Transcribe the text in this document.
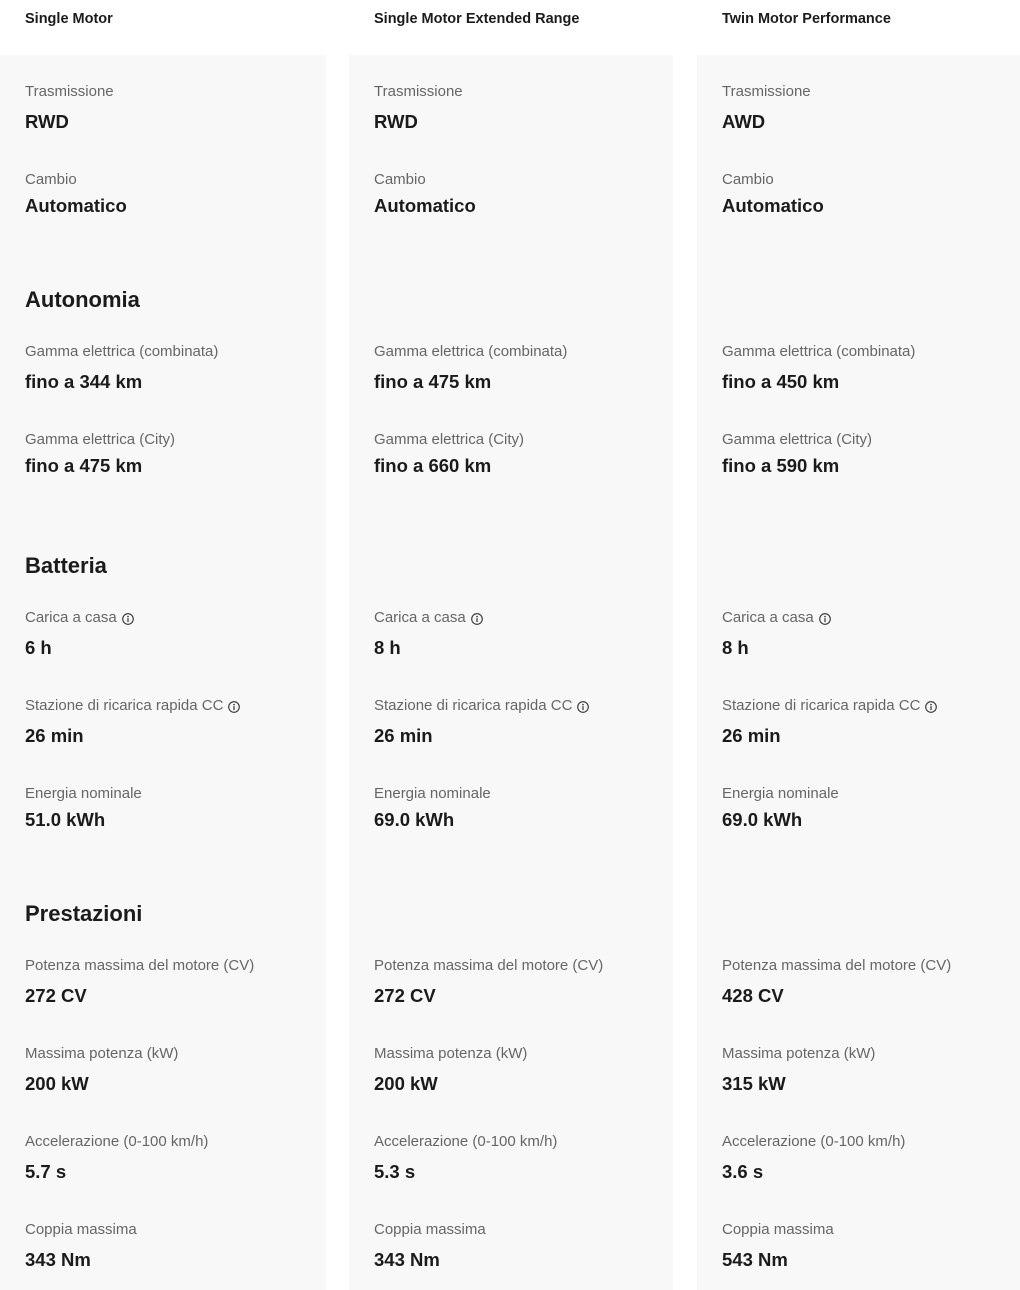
Single Motor	Single Motor Extended Range	Twin Motor Performance
Trasmissione
RWD
Cambio
Automatico
Autonomia
Gamma elettrica (combinata)
fino a 344 km
Gamma elettrica (City)
fino a 475 km
Batteria
Carica a casa
6 h
Stazione di ricarica rapida CC
26 min
Energia nominale
51.0 kWh
Prestazioni
Potenza massima del motore (CV)
272 CV
Massima potenza (kW)
200 kW
Accelerazione (0-100 km/h)
5.7 s
Coppia massima
343 Nm
Trasmissione
RWD
Cambio
Automatico
Gamma elettrica (combinata)
fino a 475 km
Gamma elettrica (City)
fino a 660 km
Carica a casa
8 h
Stazione di ricarica rapida CC
26 min
Energia nominale
69.0 kWh
Potenza massima del motore (CV)
272 CV
Massima potenza (kW)
200 kW
Accelerazione (0-100 km/h)
5.3 s
Coppia massima
343 Nm
Trasmissione
AWD
Cambio
Automatico
Gamma elettrica (combinata)
fino a 450 km
Gamma elettrica (City)
fino a 590 km
Carica a casa
8 h
Stazione di ricarica rapida CC
26 min
Energia nominale
69.0 kWh
Potenza massima del motore (CV)
428 CV
Massima potenza (kW)
315 kW
Accelerazione (0-100 km/h)
3.6 s
Coppia massima
543 Nm
